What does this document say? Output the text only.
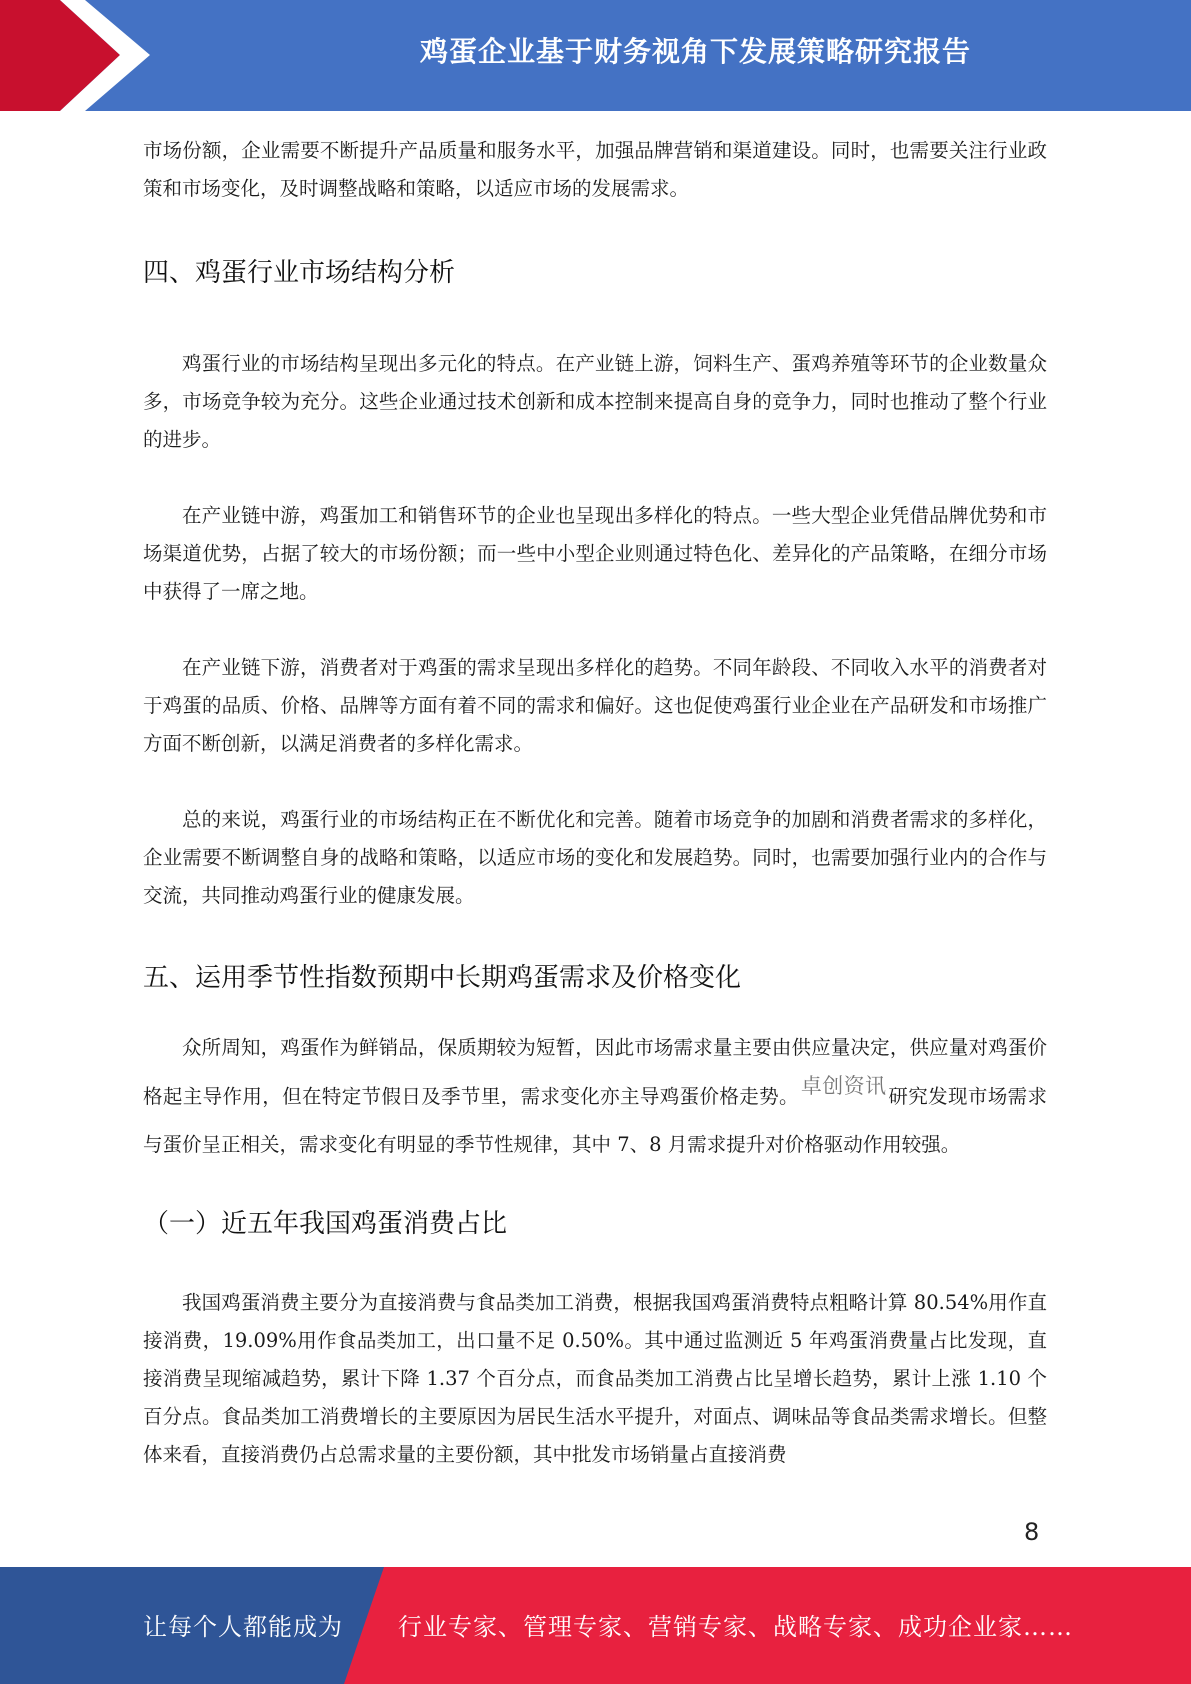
鸡蛋企业基于财务视角下发展策略研究报告

市场份额，企业需要不断提升产品质量和服务水平，加强品牌营销和渠道建设。同时，也需要关注行业政策和市场变化，及时调整战略和策略，以适应市场的发展需求。

四、鸡蛋行业市场结构分析

鸡蛋行业的市场结构呈现出多元化的特点。在产业链上游，饲料生产、蛋鸡养殖等环节的企业数量众多，市场竞争较为充分。这些企业通过技术创新和成本控制来提高自身的竞争力，同时也推动了整个行业的进步。

在产业链中游，鸡蛋加工和销售环节的企业也呈现出多样化的特点。一些大型企业凭借品牌优势和市场渠道优势，占据了较大的市场份额；而一些中小型企业则通过特色化、差异化的产品策略，在细分市场中获得了一席之地。

在产业链下游，消费者对于鸡蛋的需求呈现出多样化的趋势。不同年龄段、不同收入水平的消费者对于鸡蛋的品质、价格、品牌等方面有着不同的需求和偏好。这也促使鸡蛋行业企业在产品研发和市场推广方面不断创新，以满足消费者的多样化需求。

总的来说，鸡蛋行业的市场结构正在不断优化和完善。随着市场竞争的加剧和消费者需求的多样化，企业需要不断调整自身的战略和策略，以适应市场的变化和发展趋势。同时，也需要加强行业内的合作与交流，共同推动鸡蛋行业的健康发展。

五、运用季节性指数预期中长期鸡蛋需求及价格变化

众所周知，鸡蛋作为鲜销品，保质期较为短暂，因此市场需求量主要由供应量决定，供应量对鸡蛋价格起主导作用，但在特定节假日及季节里，需求变化亦主导鸡蛋价格走势。卓创资讯 研究发现市场需求与蛋价呈正相关，需求变化有明显的季节性规律，其中 7、8 月需求提升对价格驱动作用较强。

（一）近五年我国鸡蛋消费占比

我国鸡蛋消费主要分为直接消费与食品类加工消费，根据我国鸡蛋消费特点粗略计算 80.54%用作直接消费，19.09%用作食品类加工，出口量不足 0.50%。其中通过监测近 5 年鸡蛋消费量占比发现，直接消费呈现缩减趋势，累计下降 1.37 个百分点，而食品类加工消费占比呈增长趋势，累计上涨 1.10 个百分点。食品类加工消费增长的主要原因为居民生活水平提升，对面点、调味品等食品类需求增长。但整体来看，直接消费仍占总需求量的主要份额，其中批发市场销量占直接消费

8
让每个人都能成为 行业专家、管理专家、营销专家、战略专家、成功企业家……
